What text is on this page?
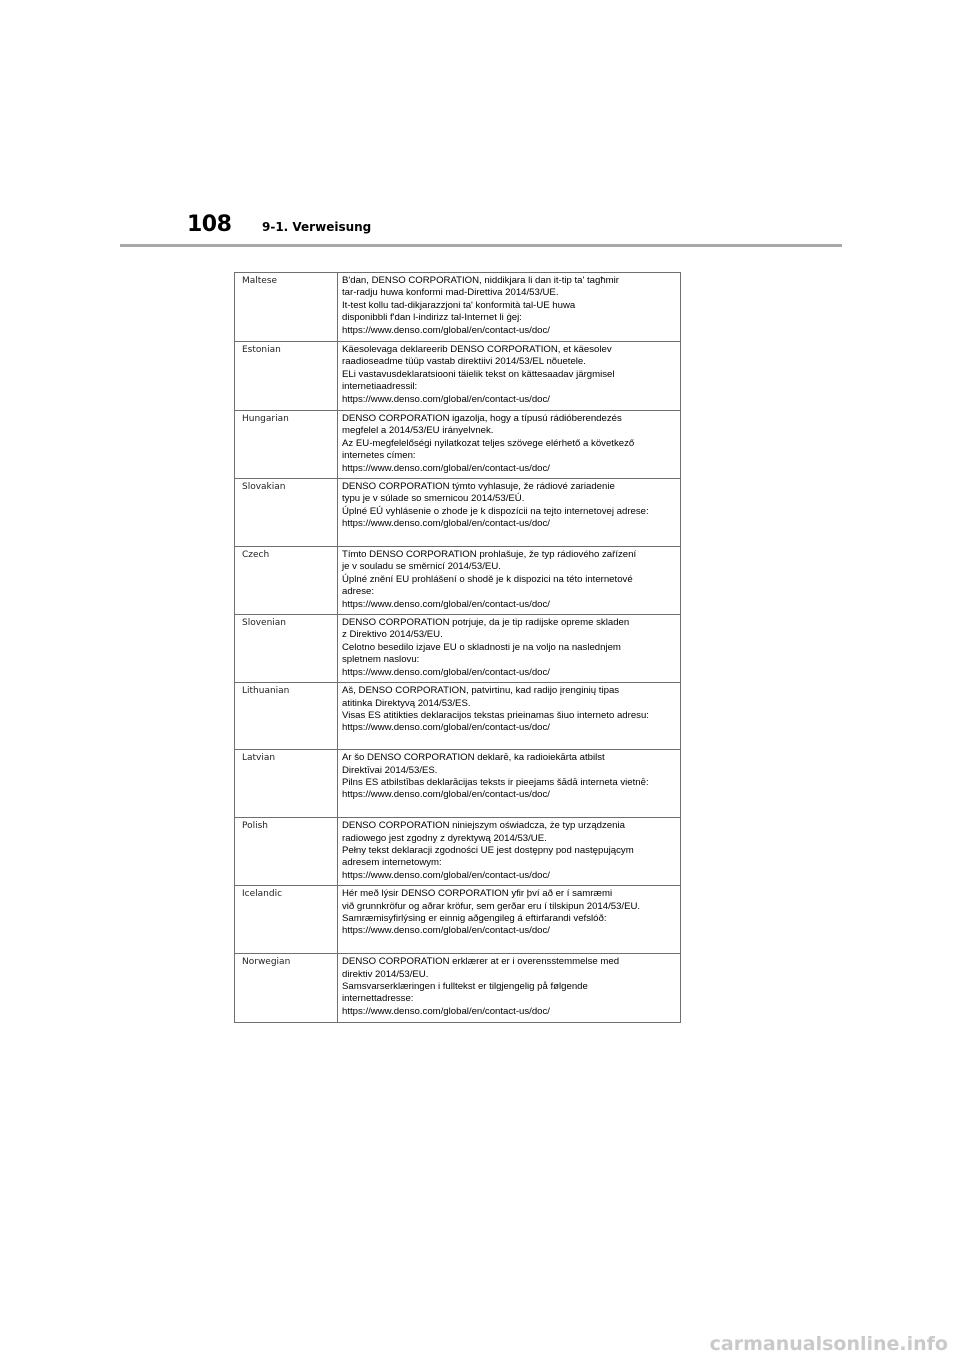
108	9-1. Verweisung
Maltese	B'dan, DENSO CORPORATION, niddikjara li dan it-tip ta' tagħmir
tar-radju huwa konformi mad-Direttiva 2014/53/UE.
It-test kollu tad-dikjarazzjoni ta' konformità tal-UE huwa
disponibbli f'dan l-indirizz tal-Internet li ġej:
https://www.denso.com/global/en/contact-us/doc/
Estonian	Käesolevaga deklareerib DENSO CORPORATION, et käesolev
raadioseadme tüüp vastab direktiivi 2014/53/EL nõuetele.
ELi vastavusdeklaratsiooni täielik tekst on kättesaadav järgmisel
internetiaadressil:
https://www.denso.com/global/en/contact-us/doc/
Hungarian	DENSO CORPORATION igazolja, hogy a típusú rádióberendezés
megfelel a 2014/53/EU irányelvnek.
Az EU-megfelelőségi nyilatkozat teljes szövege elérhető a következő
internetes címen:
https://www.denso.com/global/en/contact-us/doc/
Slovakian	DENSO CORPORATION týmto vyhlasuje, že rádiové zariadenie
typu je v súlade so smernicou 2014/53/EÚ.
Úplné EÚ vyhlásenie o zhode je k dispozícii na tejto internetovej adrese:
https://www.denso.com/global/en/contact-us/doc/
Czech	Tímto DENSO CORPORATION prohlašuje, že typ rádiového zařízení
je v souladu se směrnicí 2014/53/EU.
Úplné znění EU prohlášení o shodě je k dispozici na této internetové
adrese:
https://www.denso.com/global/en/contact-us/doc/
Slovenian	DENSO CORPORATION potrjuje, da je tip radijske opreme skladen
z Direktivo 2014/53/EU.
Celotno besedilo izjave EU o skladnosti je na voljo na naslednjem
spletnem naslovu:
https://www.denso.com/global/en/contact-us/doc/
Lithuanian	Aš, DENSO CORPORATION, patvirtinu, kad radijo įrenginių tipas
atitinka Direktyvą 2014/53/ES.
Visas ES atitikties deklaracijos tekstas prieinamas šiuo interneto adresu:
https://www.denso.com/global/en/contact-us/doc/
Latvian	Ar šo DENSO CORPORATION deklarē, ka radioiekārta atbilst
Direktīvai 2014/53/ES.
Pilns ES atbilstības deklarācijas teksts ir pieejams šādā interneta vietnē:
https://www.denso.com/global/en/contact-us/doc/
Polish	DENSO CORPORATION niniejszym oświadcza, że typ urządzenia
radiowego jest zgodny z dyrektywą 2014/53/UE.
Pełny tekst deklaracji zgodności UE jest dostępny pod następującym
adresem internetowym:
https://www.denso.com/global/en/contact-us/doc/
Icelandic	Hér með lýsir DENSO CORPORATION yfir því að er í samræmi
við grunnkröfur og aðrar kröfur, sem gerðar eru í tilskipun 2014/53/EU.
Samræmisyfirlýsing er einnig aðgengileg á eftirfarandi vefslóð:
https://www.denso.com/global/en/contact-us/doc/
Norwegian	DENSO CORPORATION erklærer at er i overensstemmelse med
direktiv 2014/53/EU.
Samsvarserklæringen i fulltekst er tilgjengelig på følgende
internettadresse:
https://www.denso.com/global/en/contact-us/doc/
carmanualsonline.info
